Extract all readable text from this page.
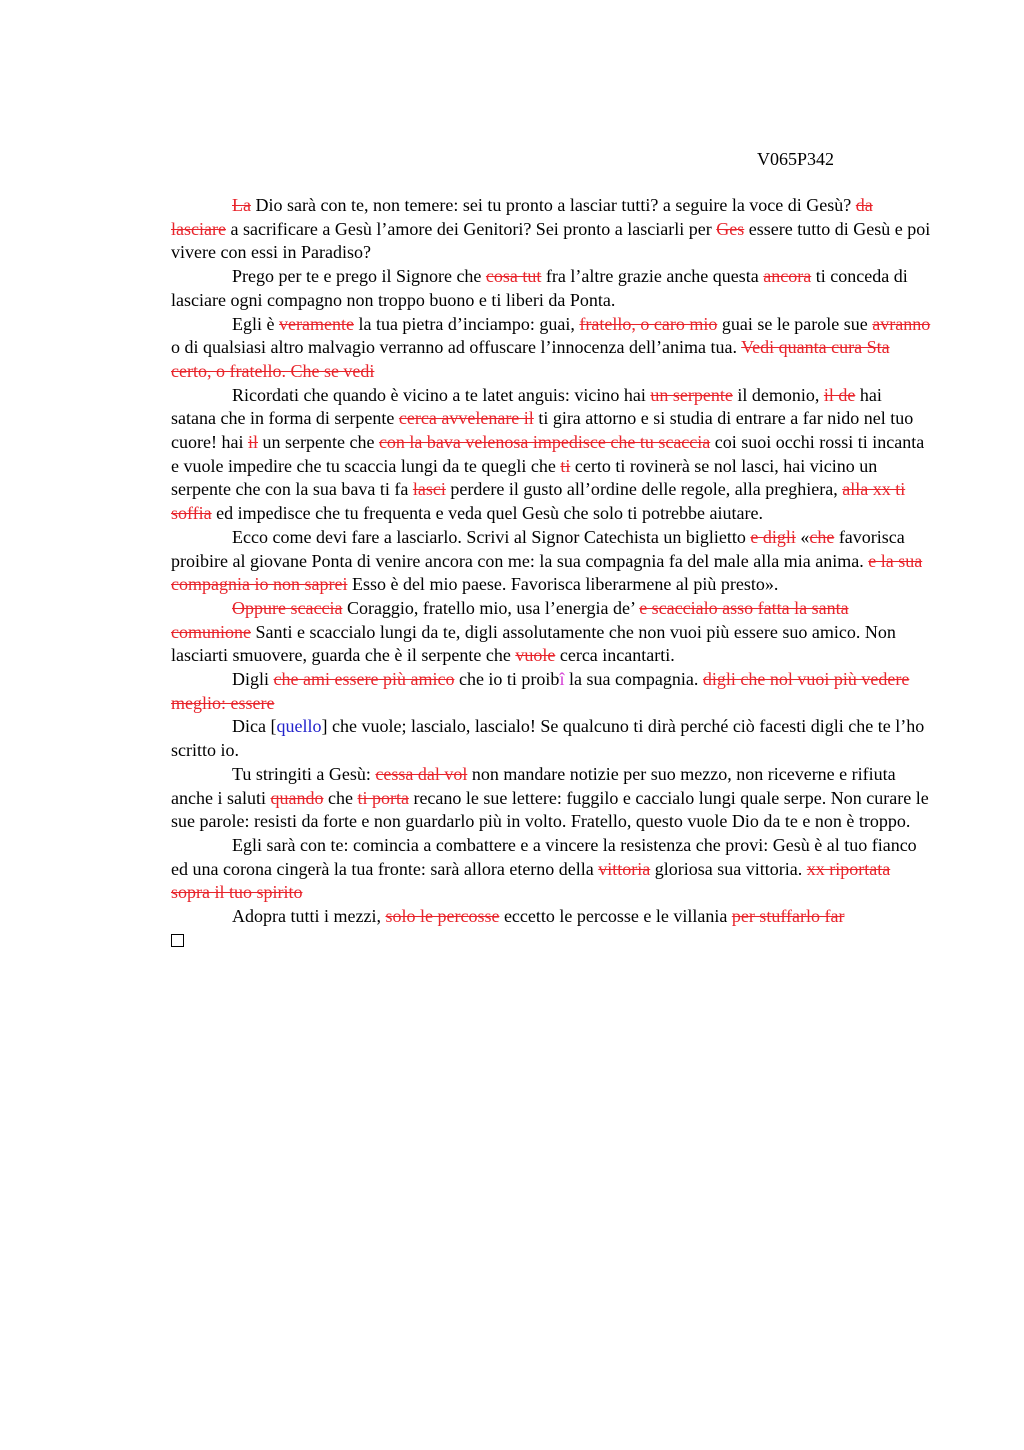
V065P342

La Dio sarà con te, non temere: sei tu pronto a lasciar tutti? a seguire la voce di Gesù? da lasciare a sacrificare a Gesù l’amore dei Genitori? Sei pronto a lasciarli per Ges essere tutto di Gesù e poi vivere con essi in Paradiso?

Prego per te e prego il Signore che cosa tut fra l’altre grazie anche questa ancora ti conceda di lasciare ogni compagno non troppo buono e ti liberi da Ponta.

Egli è veramente la tua pietra d’inciampo: guai, fratello, o caro mio guai se le parole sue avranno o di qualsiasi altro malvagio verranno ad offuscare l’innocenza dell’anima tua. Vedi quanta cura Sta certo, o fratello. Che se vedi

Ricordati che quando è vicino a te latet anguis: vicino hai un serpente il demonio, il de hai satana che in forma di serpente cerca avvelenare il ti gira attorno e si studia di entrare a far nido nel tuo cuore! hai il un serpente che con la bava velenosa impedisce che tu scaccia coi suoi occhi rossi ti incanta e vuole impedire che tu scaccia lungi da te quegli che ti certo ti rovinerà se nol lasci, hai vicino un serpente che con la sua bava ti fa lasci perdere il gusto all’ordine delle regole, alla preghiera, alla xx ti soffia ed impedisce che tu frequenta e veda quel Gesù che solo ti potrebbe aiutare.

Ecco come devi fare a lasciarlo. Scrivi al Signor Catechista un biglietto e digli «che favorisca proibire al giovane Ponta di venire ancora con me: la sua compagnia fa del male alla mia anima. e la sua compagnia io non saprei Esso è del mio paese. Favorisca liberarmene al più presto».

Oppure scaccia Coraggio, fratello mio, usa l’energia de’ e scaccialo asso fatta la santa comunione Santi e scaccialo lungi da te, digli assolutamente che non vuoi più essere suo amico. Non lasciarti smuovere, guarda che è il serpente che vuole cerca incantarti.

Digli che ami essere più amico che io ti proibî la sua compagnia. digli che nol vuoi più vedere meglio: essere

Dica [quello] che vuole; lascialo, lascialo! Se qualcuno ti dirà perché ciò facesti digli che te l’ho scritto io.

Tu stringiti a Gesù: cessa dal vol non mandare notizie per suo mezzo, non riceverne e rifiuta anche i saluti quando che ti porta recano le sue lettere: fuggilo e caccialo lungi quale serpe. Non curare le sue parole: resisti da forte e non guardarlo più in volto. Fratello, questo vuole Dio da te e non è troppo.

Egli sarà con te: comincia a combattere e a vincere la resistenza che provi: Gesù è al tuo fianco ed una corona cingerà la tua fronte: sarà allora eterno della vittoria gloriosa sua vittoria. xx riportata sopra il tuo spirito

Adopra tutti i mezzi, solo le percosse eccetto le percosse e le villania per stuffarlo far
